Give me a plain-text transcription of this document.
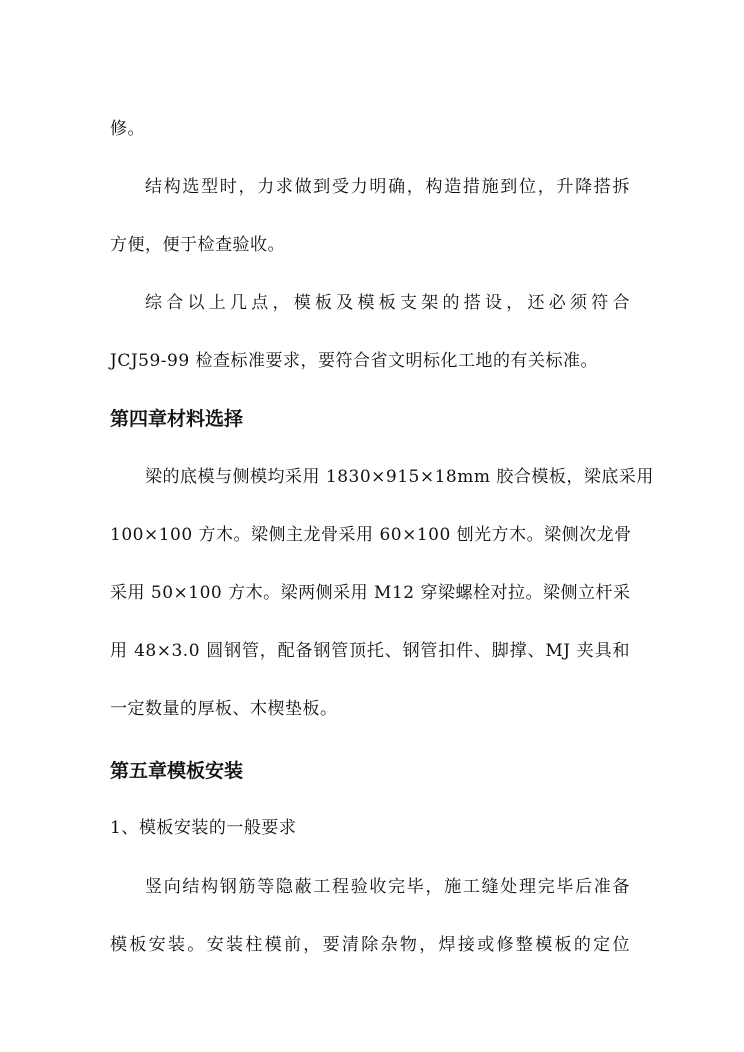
修。
结构选型时，力求做到受力明确，构造措施到位，升降搭拆
方便，便于检查验收。
综合以上几点，模板及模板支架的搭设，还必须符合
JCJ59-99 检查标准要求，要符合省文明标化工地的有关标准。
第四章材料选择
梁的底模与侧模均采用 1830×915×18mm 胶合模板，梁底采用
100×100 方木。梁侧主龙骨采用 60×100 刨光方木。梁侧次龙骨
采用 50×100 方木。梁两侧采用 M12 穿梁螺栓对拉。梁侧立杆采
用 48×3.0 圆钢管，配备钢管顶托、钢管扣件、脚撑、MJ 夹具和
一定数量的厚板、木楔垫板。
第五章模板安装
1、模板安装的一般要求
竖向结构钢筋等隐蔽工程验收完毕，施工缝处理完毕后准备
模板安装。安装柱模前，要清除杂物，焊接或修整模板的定位
